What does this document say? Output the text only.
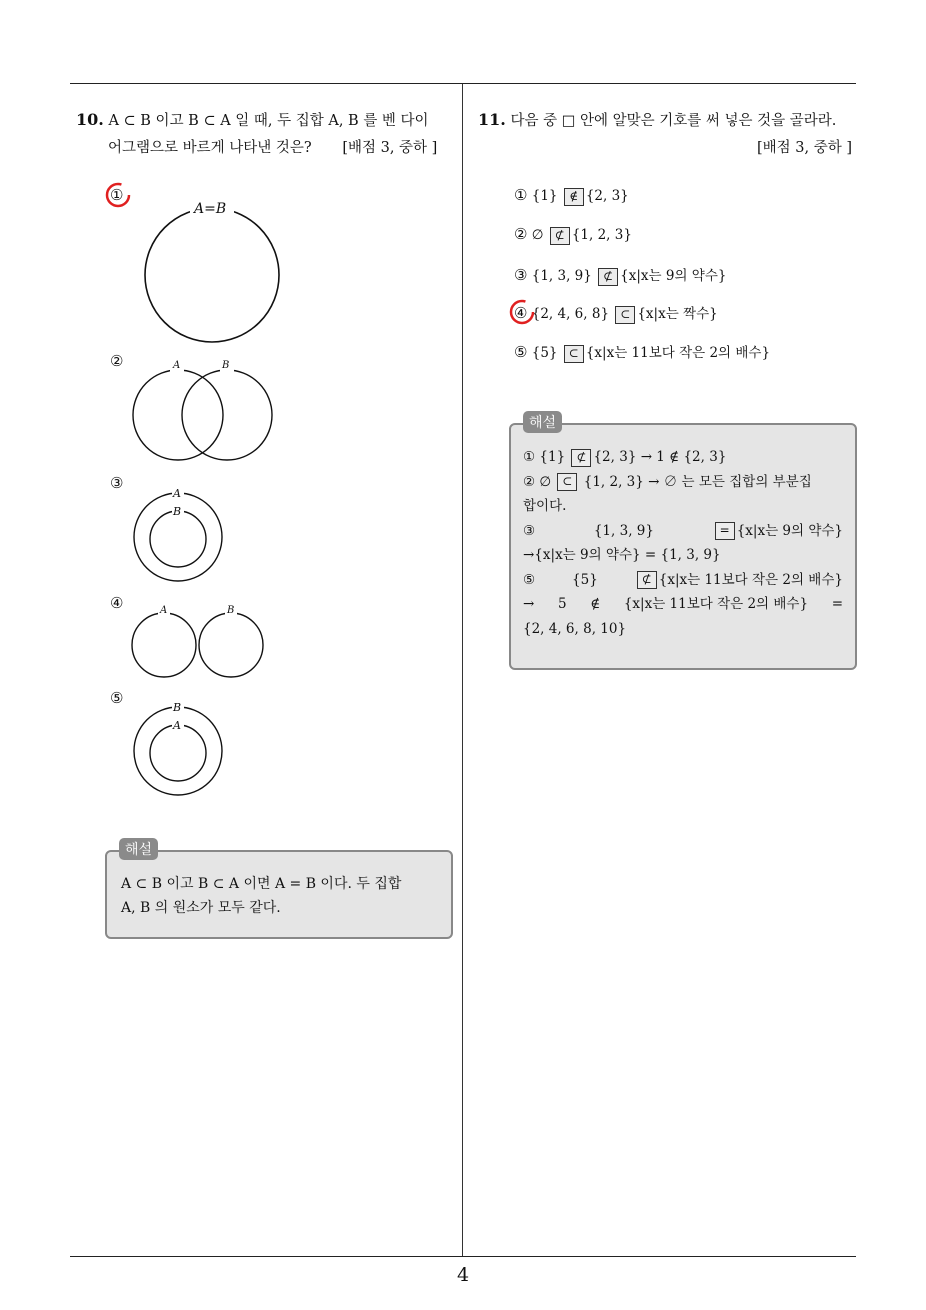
4
10. A ⊂ B 이고 B ⊂ A 일 때, 두 집합 A, B 를 벤 다이
어그램으로 바르게 나타낸 것은? [배점 3, 중하 ]
①
A=B
②	A	B
③
A
B
④	A	B
⑤
B
A
A ⊂ B 이고 B ⊂ A 이면 A = B 이다. 두 집합
A, B 의 원소가 모두 같다.
해설
11. 다음 중 □ 안에 알맞은 기호를 써 넣은 것을 골라라.
[배점 3, 중하 ]
① {1} ∉ {2, 3}
② ∅ ⊄ {1, 2, 3}
③ {1, 3, 9} ⊄ {x|x는 9의 약수}
④ {2, 4, 6, 8} ⊂ {x|x는 짝수}
⑤ {5} ⊂ {x|x는 11보다 작은 2의 배수}
① {1} ⊄ {2, 3} → 1 ∉ {2, 3}
② ∅ ⊂ {1, 2, 3} → ∅ 는 모든 집합의 부분집
합이다.
③	{1, 3, 9}	= {x|x는 9의 약수}
→{x|x는 9의 약수} = {1, 3, 9}
⑤	{5}	⊄ {x|x는 11보다 작은 2의 배수}
→ 5 ∉ {x|x는 11보다 작은 2의 배수} =
{2, 4, 6, 8, 10}
해설
